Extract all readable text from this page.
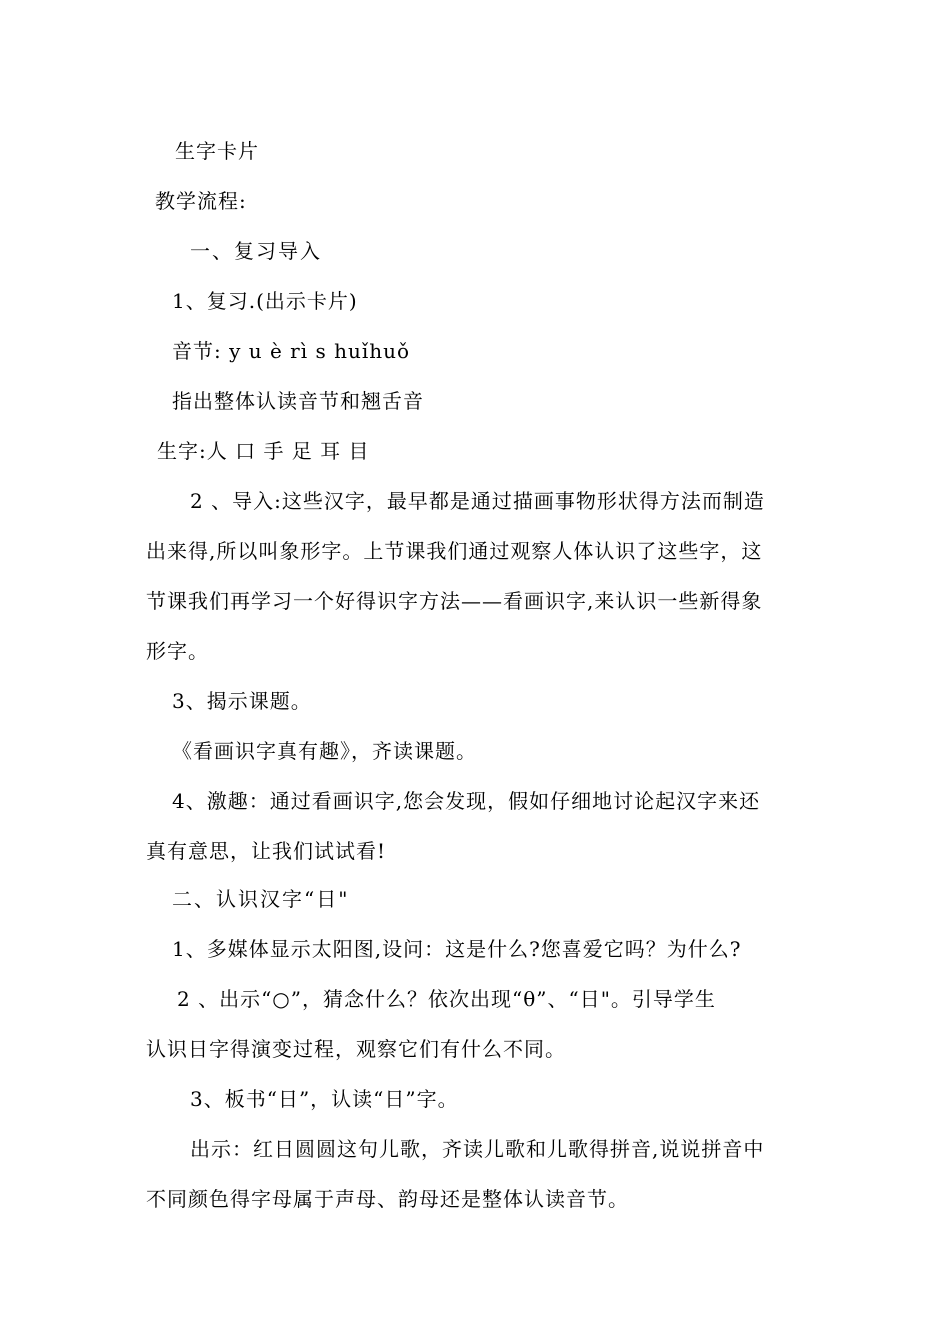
生字卡片
教学流程:
一、复习导入
1、复习.(出示卡片)
音节: y u è rì s huǐhuǒ
指出整体认读音节和翘舌音
生字:人 口 手 足 耳 目
2 、导入:这些汉字，最早都是通过描画事物形状得方法而制造
出来得,所以叫象形字。上节课我们通过观察人体认识了这些字，这
节课我们再学习一个好得识字方法——看画识字,来认识一些新得象
形字。
3、揭示课题。
《看画识字真有趣》，齐读课题。
4、激趣：通过看画识字,您会发现，假如仔细地讨论起汉字来还
真有意思，让我们试试看!
二、认识汉字“日"
1、多媒体显示太阳图,设问：这是什么?您喜爱它吗？为什么?
2 、出示“○”，猜念什么？依次出现“θ”、“日"。引导学生
认识日字得演变过程，观察它们有什么不同。
3、板书“日”，认读“日”字。
出示：红日圆圆这句儿歌，齐读儿歌和儿歌得拼音,说说拼音中
不同颜色得字母属于声母、韵母还是整体认读音节。
